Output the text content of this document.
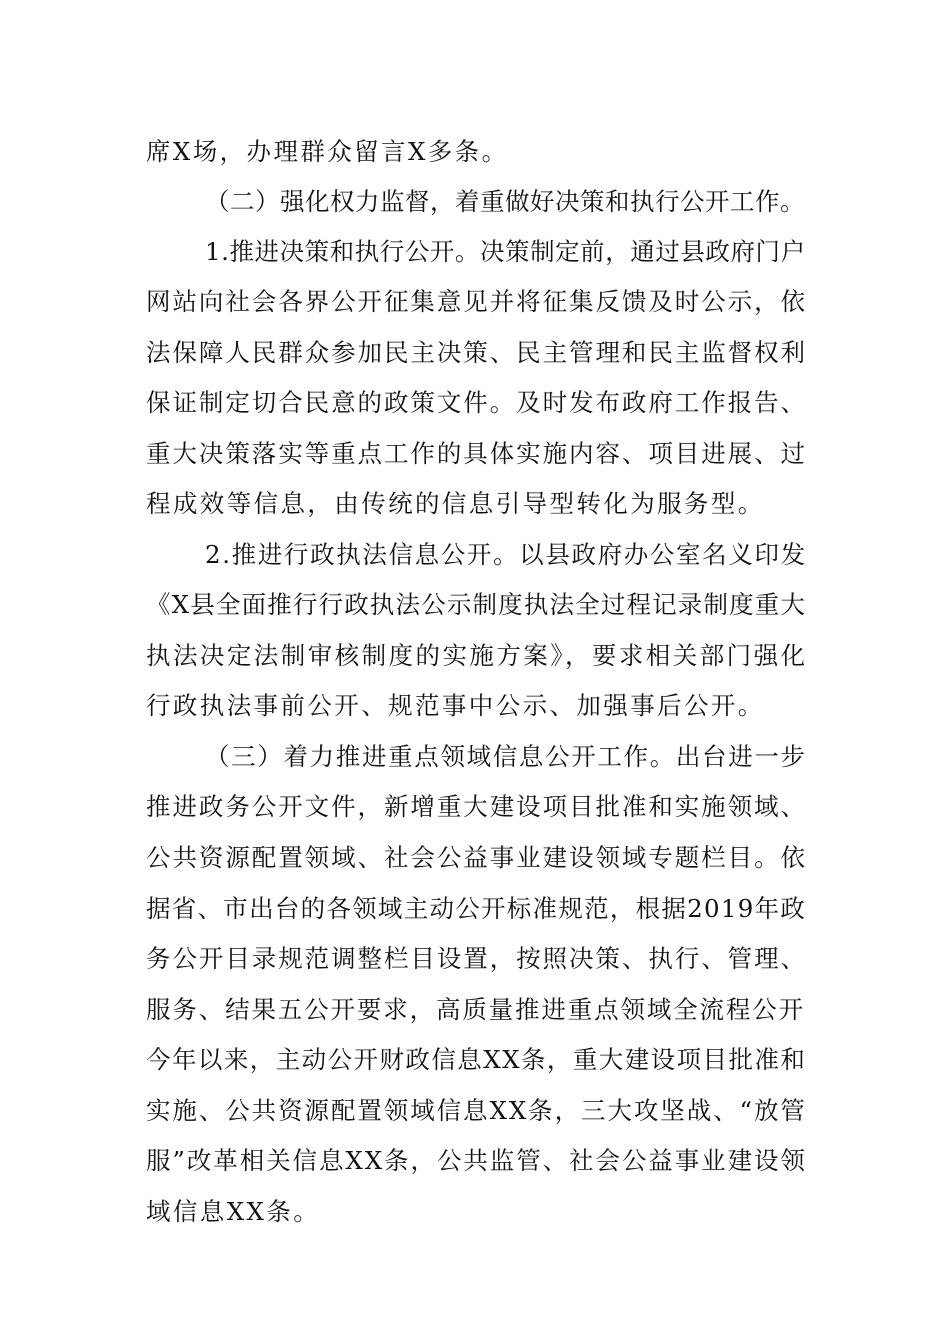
席X场，办理群众留言X多条。
（二）强化权力监督，着重做好决策和执行公开工作。
1.推进决策和执行公开。决策制定前，通过县政府门户
网站向社会各界公开征集意见并将征集反馈及时公示，依
法保障人民群众参加民主决策、民主管理和民主监督权利
保证制定切合民意的政策文件。及时发布政府工作报告、
重大决策落实等重点工作的具体实施内容、项目进展、过
程成效等信息，由传统的信息引导型转化为服务型。
2.推进行政执法信息公开。以县政府办公室名义印发
《X县全面推行行政执法公示制度执法全过程记录制度重大
执法决定法制审核制度的实施方案》，要求相关部门强化
行政执法事前公开、规范事中公示、加强事后公开。
（三）着力推进重点领域信息公开工作。出台进一步
推进政务公开文件，新增重大建设项目批准和实施领域、
公共资源配置领域、社会公益事业建设领域专题栏目。依
据省、市出台的各领域主动公开标准规范，根据2019年政
务公开目录规范调整栏目设置，按照决策、执行、管理、
服务、结果五公开要求，高质量推进重点领域全流程公开
今年以来，主动公开财政信息XX条，重大建设项目批准和
实施、公共资源配置领域信息XX条，三大攻坚战、“放管
服”改革相关信息XX条，公共监管、社会公益事业建设领
域信息XX条。
